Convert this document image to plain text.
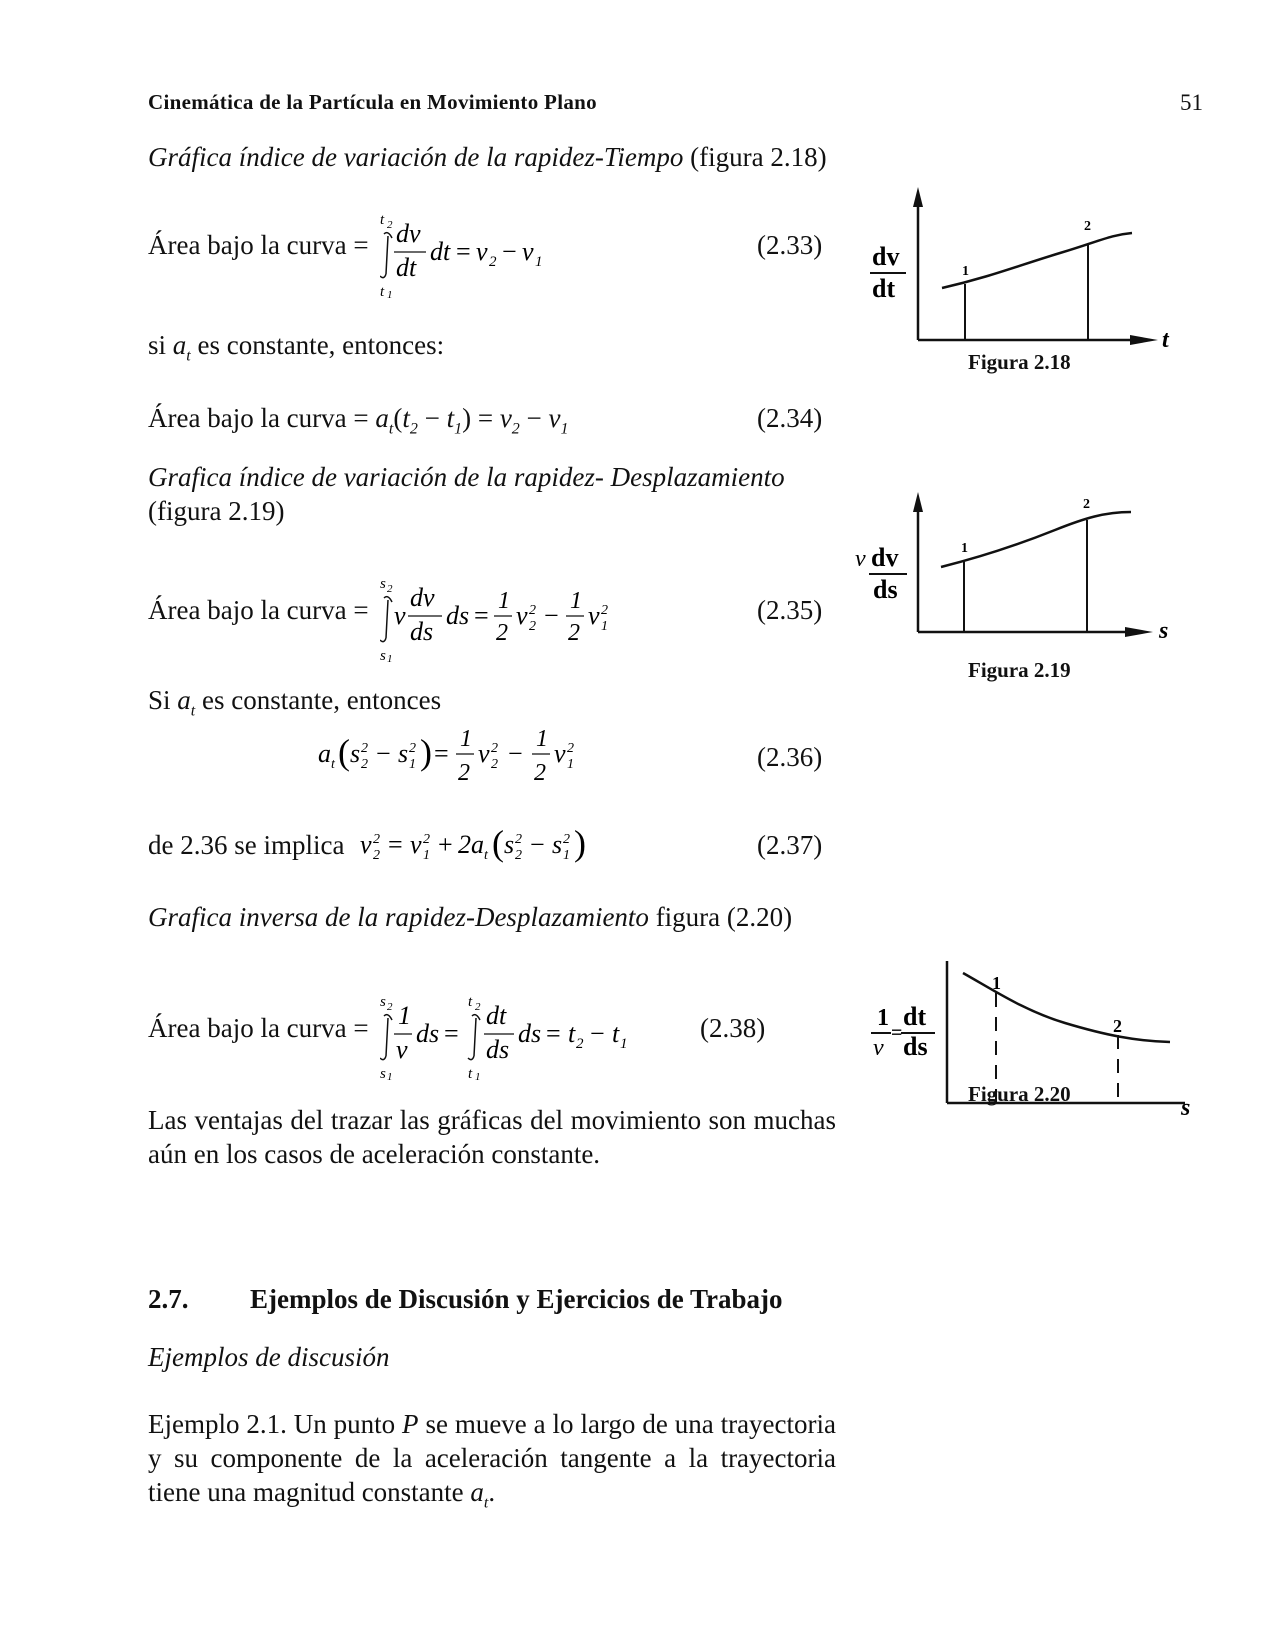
Cinemática de la Partícula en Movimiento Plano	51
Gráfica índice de variación de la rapidez-Tiempo (figura 2.18)
Área bajo la curva =
t 2
t 1
dv
dt
dt = v 2 − v 1
(2.33)
si $a_t$ es constante, entonces:
Área bajo la curva = $a_t(t_2 - t_1) = v_2 - v_1$	(2.34)
Grafica índice de variación de la rapidez- Desplazamiento
(figura 2.19)
Área bajo la curva =
s 2
s 1
v
dv
ds
ds = 1
2
v 2
2 − 1
2
v 1
2	(2.35)
Si $a_t$ es constante, entonces
a t ( s 2
2 − s 1
2 ) = 1
2
v 2
2 − 1
2
v 1
2	(2.36)
de 2.36 se implica v 2
2 = v 1
2 + 2a t ( s 2
2 − s 1
2 )	(2.37)
Grafica inversa de la rapidez-Desplazamiento figura (2.20)
Área bajo la curva =
s 2
s 1
1
v
ds =
t 2
t 1
dt
ds
ds = t 2 − t 1
(2.38)
Las ventajas del trazar las gráficas del movimiento son muchas aún en los casos de aceleración constante.
2.7. Ejemplos de Discusión y Ejercicios de Trabajo
Ejemplos de discusión
Ejemplo 2.1. Un punto P se mueve a lo largo de una trayectoria y su componente de la aceleración tangente a la trayectoria tiene una magnitud constante $a_t$.
1
2
dv
dt
t
Figura 2.18
1
2
v dv
ds
s
Figura 2.19
1
2
1
v
=
dt
ds
s
Figura 2.20
